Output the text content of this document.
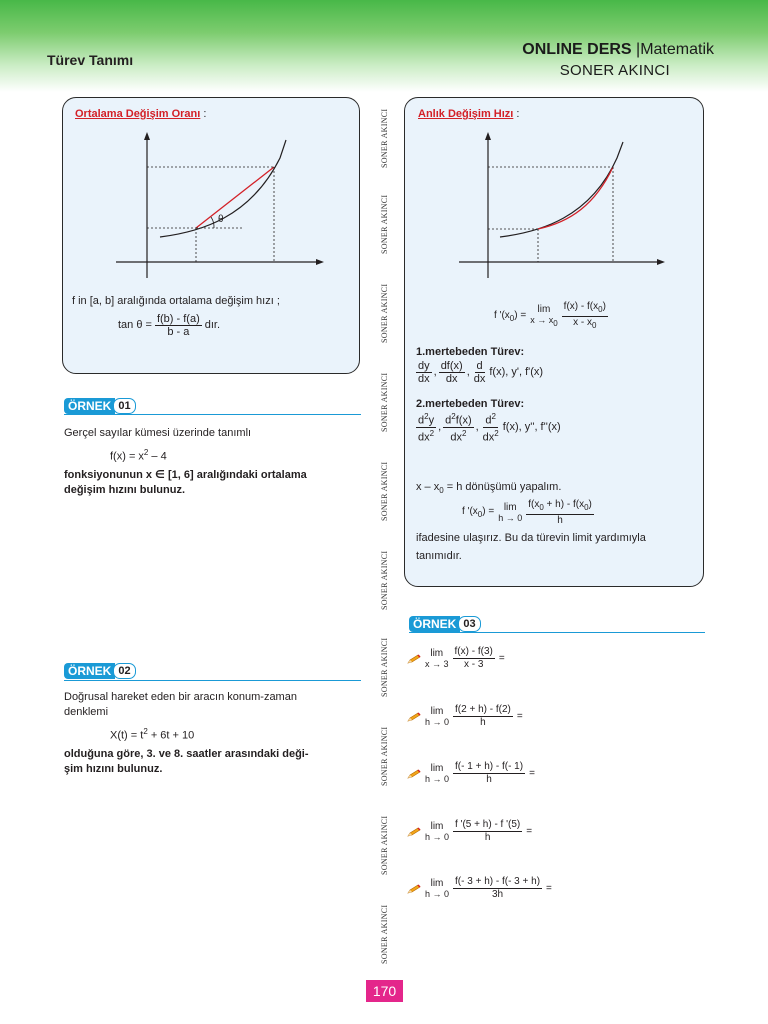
Türev Tanımı
ONLINE DERS |Matematik
SONER AKINCI
Ortalama Değişim Oranı :
θ
f in [a, b] aralığında ortalama değişim hızı ;
$\tan \theta = \frac{f(b) - f(a)}{b - a}$ dır.
ÖRNEK 01
Gerçel sayılar kümesi üzerinde tanımlı
$f(x) = x^2 - 4$
fonksiyonunun x ∈ [1, 6] aralığındaki ortalama
değişim hızını bulunuz.
ÖRNEK 02
Doğrusal hareket eden bir aracın konum-zaman
denklemi
$X(t) = t^2 + 6t + 10$
olduğuna göre, 3. ve 8. saatler arasındaki deği-
şim hızını bulunuz.
SONER AKINCI
SONER AKINCI
SONER AKINCI
SONER AKINCI
SONER AKINCI
SONER AKINCI
SONER AKINCI
SONER AKINCI
SONER AKINCI
SONER AKINCI
Anlık Değişim Hızı :
f '$(x_0) = \lim$
$x \to x_0 \frac{f(x) - f(x_0)}{x - x_0}$
1.mertebeden Türev:
$\frac{dy}{dx}$ , $\frac{df(x)}{dx}$ , $\frac{d}{dx} f(x)$, y', f'(x)
2.mertebeden Türev:
$\frac{d^2y}{dx^2}$ , $\frac{d^2f(x)}{dx^2}$ , $\frac{d^2}{dx^2} f(x)$, y'', f''(x)
$x - x_0 = h$ dönüşümü yapalım.
f '$(x_0) = \lim$
$h \to 0 \frac{f(x_0 + h) - f(x_0)}{h}$
ifadesine ulaşırız. Bu da türevin limit yardımıyla
tanımıdır.
ÖRNEK 03
lim
$x \to 3 \frac{f(x) - f(3)}{x - 3}$ =
lim
$h \to 0 \frac{f(2 + h) - f(2)}{h}$ =
lim
$h \to 0 \frac{f(- 1 + h) - f(- 1)}{h}$ =
lim
$h \to 0 \frac{f '(5 + h) - f '(5)}{h}$ =
lim
$h \to 0 \frac{f(- 3 + h) - f(- 3 + h)}{3h}$ =
170
